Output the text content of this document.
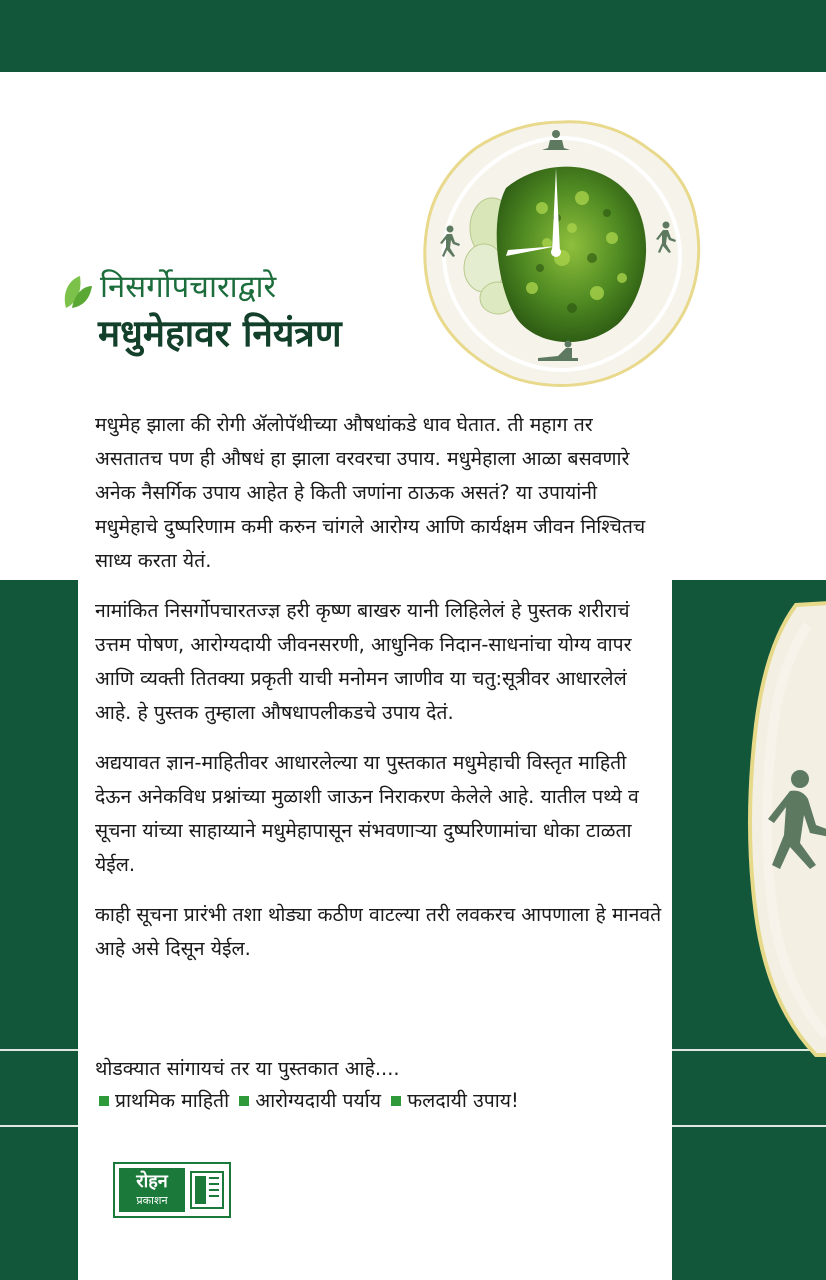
निसर्गोपचाराद्वारे
मधुमेहावर नियंत्रण

मधुमेह झाला की रोगी ॲलोपॅथीच्या औषधांकडे धाव घेतात. ती महाग तर असतातच पण ही औषधं हा झाला वरवरचा उपाय. मधुमेहाला आळा बसवणारे अनेक नैसर्गिक उपाय आहेत हे किती जणांना ठाऊक असतं? या उपायांनी मधुमेहाचे दुष्परिणाम कमी करुन चांगले आरोग्य आणि कार्यक्षम जीवन निश्चितच साध्य करता येतं.

नामांकित निसर्गोपचारतज्ज्ञ हरी कृष्ण बाखरु यानी लिहिलेलं हे पुस्तक शरीराचं उत्तम पोषण, आरोग्यदायी जीवनसरणी, आधुनिक निदान-साधनांचा योग्य वापर आणि व्यक्ती तितक्या प्रकृती याची मनोमन जाणीव या चतु:सूत्रीवर आधारलेलं आहे. हे पुस्तक तुम्हाला औषधापलीकडचे उपाय देतं.

अद्ययावत ज्ञान-माहितीवर आधारलेल्या या पुस्तकात मधुमेहाची विस्तृत माहिती देऊन अनेकविध प्रश्नांच्या मुळाशी जाऊन निराकरण केलेले आहे. यातील पथ्ये व सूचना यांच्या साहाय्याने मधुमेहापासून संभवणाऱ्या दुष्परिणामांचा धोका टाळता येईल.

काही सूचना प्रारंभी तशा थोड्या कठीण वाटल्या तरी लवकरच आपणाला हे मानवते आहे असे दिसून येईल.

थोडक्यात सांगायचं तर या पुस्तकात आहे....
प्राथमिक माहिती आरोग्यदायी पर्याय फलदायी उपाय!
रोहन
प्रकाशन
